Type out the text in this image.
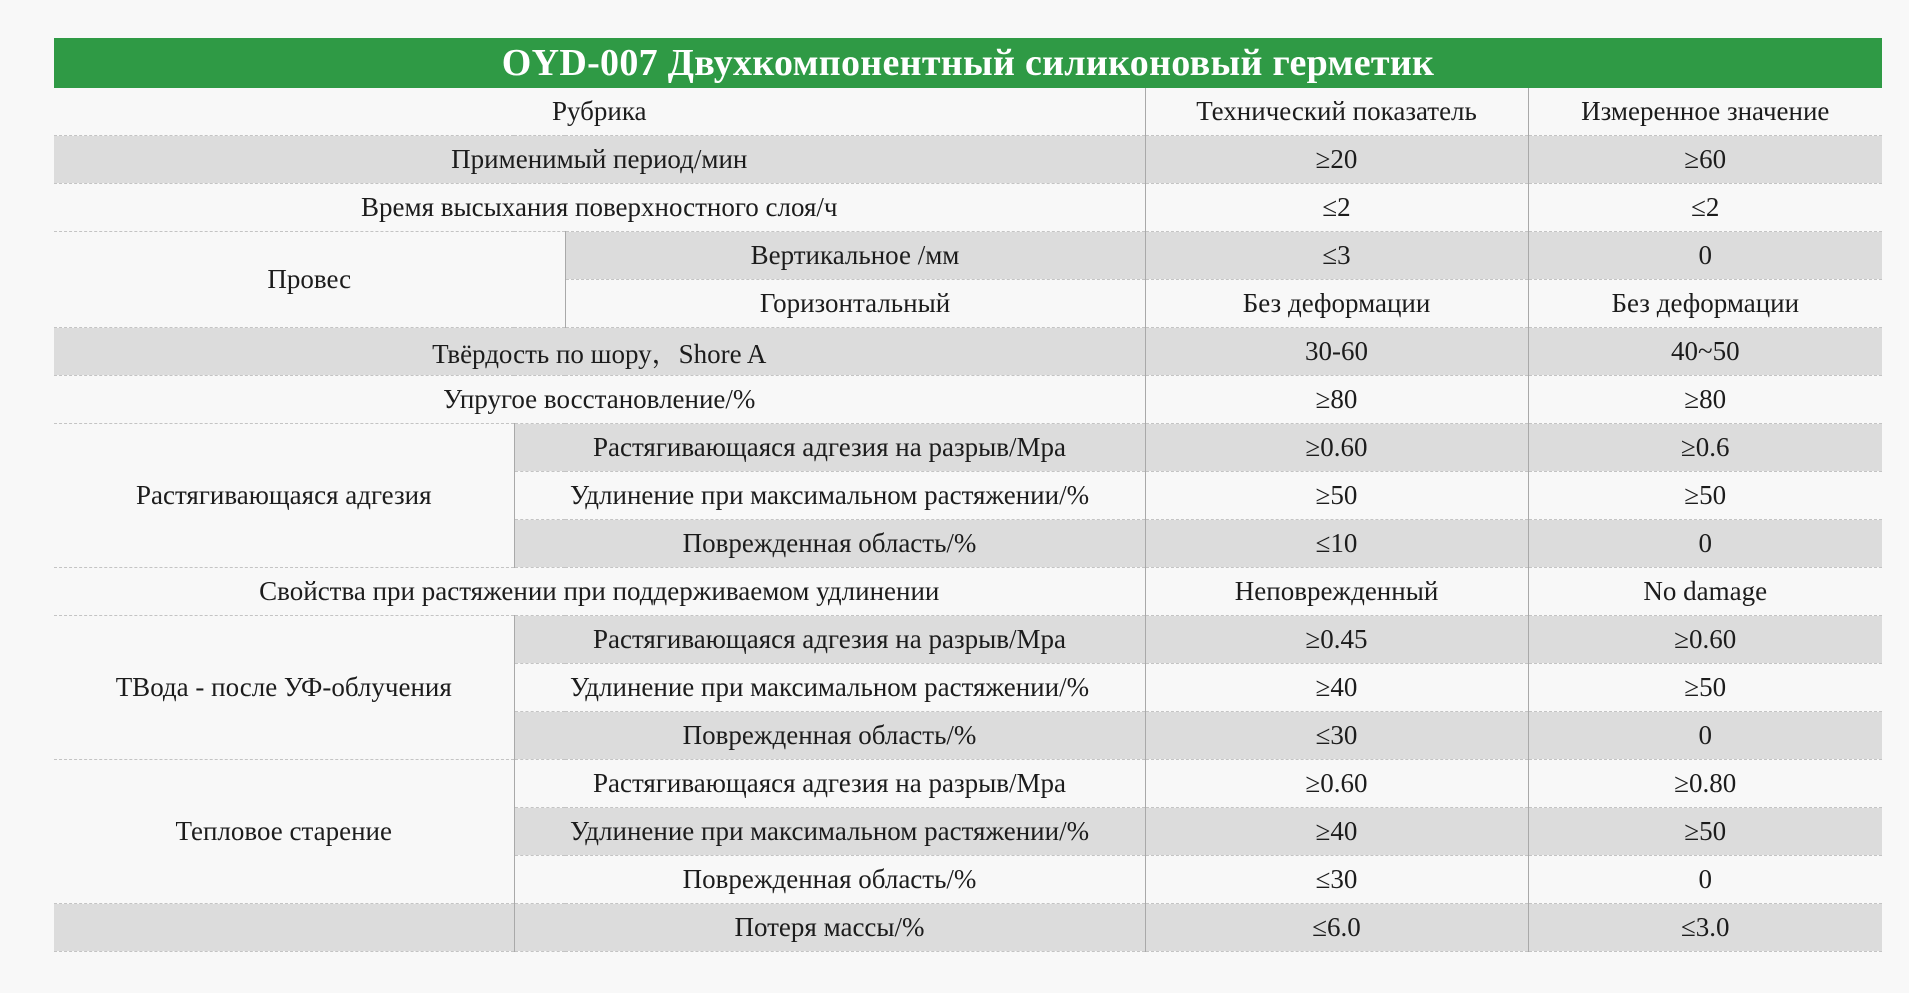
OYD-007 Двухкомпонентный силиконовый герметик
Рубрика			Технический показатель	Измеренное значение
Применимый период/мин			≥20	≥60
Время высыхания поверхностного слоя/ч			≤2	≤2
Провес		Вертикальное /мм	≤3	0
		Горизонтальный	Без деформации	Без деформации
Твёрдость по шору，Shore A			30-60	40~50
Упругое восстановление/%			≥80	≥80
Растягивающаяся адгезия	Растягивающаяся адгезия на разрыв/Mpa		≥0.60	≥0.6
	Удлинение при максимальном растяжении/%		≥50	≥50
	Поврежденная область/%		≤10	0
Свойства при растяжении при поддерживаемом удлинении			Неповрежденный	No damage
ТВода - после УФ-облучения	Растягивающаяся адгезия на разрыв/Mpa		≥0.45	≥0.60
	Удлинение при максимальном растяжении/%		≥40	≥50
	Поврежденная область/%		≤30	0
Тепловое старение	Растягивающаяся адгезия на разрыв/Mpa		≥0.60	≥0.80
	Удлинение при максимальном растяжении/%		≥40	≥50
	Поврежденная область/%		≤30	0
	Потеря массы/%		≤6.0	≤3.0
